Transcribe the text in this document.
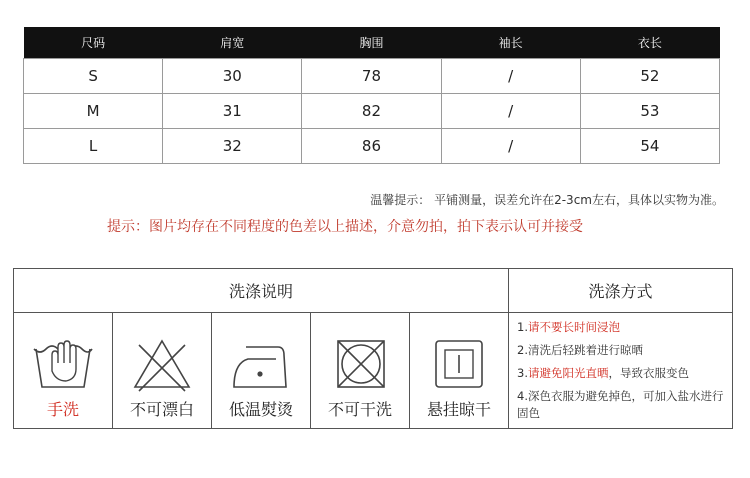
尺码	肩宽	胸围	袖长	衣长
S	30	78	/	52
M	31	82	/	53
L	32	86	/	54
温馨提示： 平铺测量，误差允许在2-3cm左右，具体以实物为准。
提示：图片均存在不同程度的色差以上描述，介意勿拍，拍下表示认可并接受
洗涤说明	洗涤方式
手洗	不可漂白	低温熨烫	不可干洗	悬挂晾干
1.请不要长时间浸泡
2.清洗后轻跳着进行晾晒
3.请避免阳光直晒，导致衣服变色
4.深色衣服为避免掉色，可加入盐水进行固色
